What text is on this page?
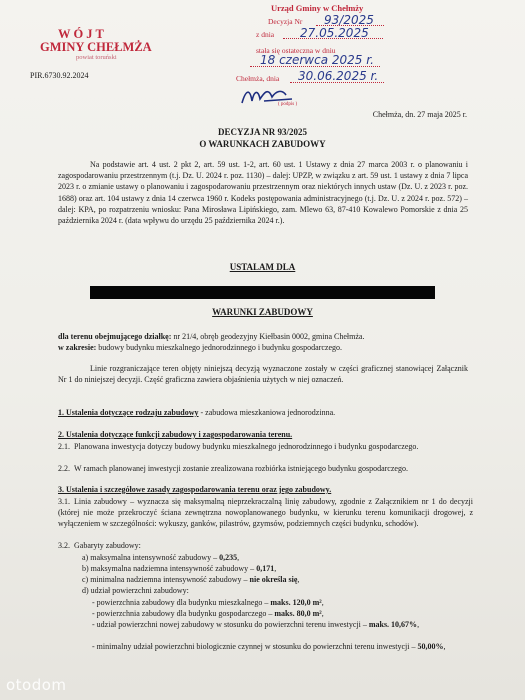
WÓJT
GMINY CHEŁMŻA
powiat toruński
PIR.6730.92.2024
Urząd Gminy w Chełmży
Decyzja Nr 93/2025
z dnia 27.05.2025
stała się ostateczna w dniu
18 czerwca 2025 r.
Chełmża, dnia 30.06.2025 r.
( podpis )
Chełmża, dn. 27 maja 2025 r.
DECYZJA NR 93/2025
O WARUNKACH ZABUDOWY
Na podstawie art. 4 ust. 2 pkt 2, art. 59 ust. 1-2, art. 60 ust. 1 Ustawy z dnia 27 marca 2003 r. o planowaniu i zagospodarowaniu przestrzennym (t.j. Dz. U. 2024 r. poz. 1130) – dalej: UPZP, w związku z art. 59 ust. 1 ustawy z dnia 7 lipca 2023 r. o zmianie ustawy o planowaniu i zagospodarowaniu przestrzennym oraz niektórych innych ustaw (Dz. U. z 2023 r. poz. 1688) oraz art. 104 ustawy z dnia 14 czerwca 1960 r. Kodeks postępowania administracyjnego (t.j. Dz. U. z 2024 r. poz. 572) – dalej: KPA, po rozpatrzeniu wniosku: Pana Mirosława Lipińskiego, zam. Mlewo 63, 87-410 Kowalewo Pomorskie z dnia 25 października 2024 r. (data wpływu do urzędu 25 października 2024 r.).
USTALAM DLA
WARUNKI ZABUDOWY
dla terenu obejmującego działkę: nr 21/4, obręb geodezyjny Kiełbasin 0002, gmina Chełmża.
w zakresie: budowy budynku mieszkalnego jednorodzinnego i budynku gospodarczego.
Linie rozgraniczające teren objęty niniejszą decyzją wyznaczone zostały w części graficznej stanowiącej Załącznik Nr 1 do niniejszej decyzji. Część graficzna zawiera objaśnienia użytych w niej oznaczeń.
1. Ustalenia dotyczące rodzaju zabudowy - zabudowa mieszkaniowa jednorodzinna.
2. Ustalenia dotyczące funkcji zabudowy i zagospodarowania terenu.
2.1. Planowana inwestycja dotyczy budowy budynku mieszkalnego jednorodzinnego i budynku gospodarczego.
2.2. W ramach planowanej inwestycji zostanie zrealizowana rozbiórka istniejącego budynku gospodarczego.
3. Ustalenia i szczegółowe zasady zagospodarowania terenu oraz jego zabudowy.
3.1. Linia zabudowy – wyznacza się maksymalną nieprzekraczalną linię zabudowy, zgodnie z Załącznikiem nr 1 do decyzji (której nie może przekroczyć ściana zewnętrzna nowoplanowanego budynku, w kierunku terenu komunikacji drogowej, z wyłączeniem w szczególności: wykuszy, ganków, pilastrów, gzymsów, podziemnych części budynku, schodów).
3.2. Gabaryty zabudowy:
a) maksymalna intensywność zabudowy – 0,235,
b) maksymalna nadziemna intensywność zabudowy – 0,171,
c) minimalna nadziemna intensywność zabudowy – nie określa się,
d) udział powierzchni zabudowy:
- powierzchnia zabudowy dla budynku mieszkalnego – maks. 120,0 m²,
- powierzchnia zabudowy dla budynku gospodarczego – maks. 80,0 m²,
- udział powierzchni nowej zabudowy w stosunku do powierzchni terenu inwestycji – maks. 10,67%,
- minimalny udział powierzchni biologicznie czynnej w stosunku do powierzchni terenu inwestycji – 50,00%,
otodom
